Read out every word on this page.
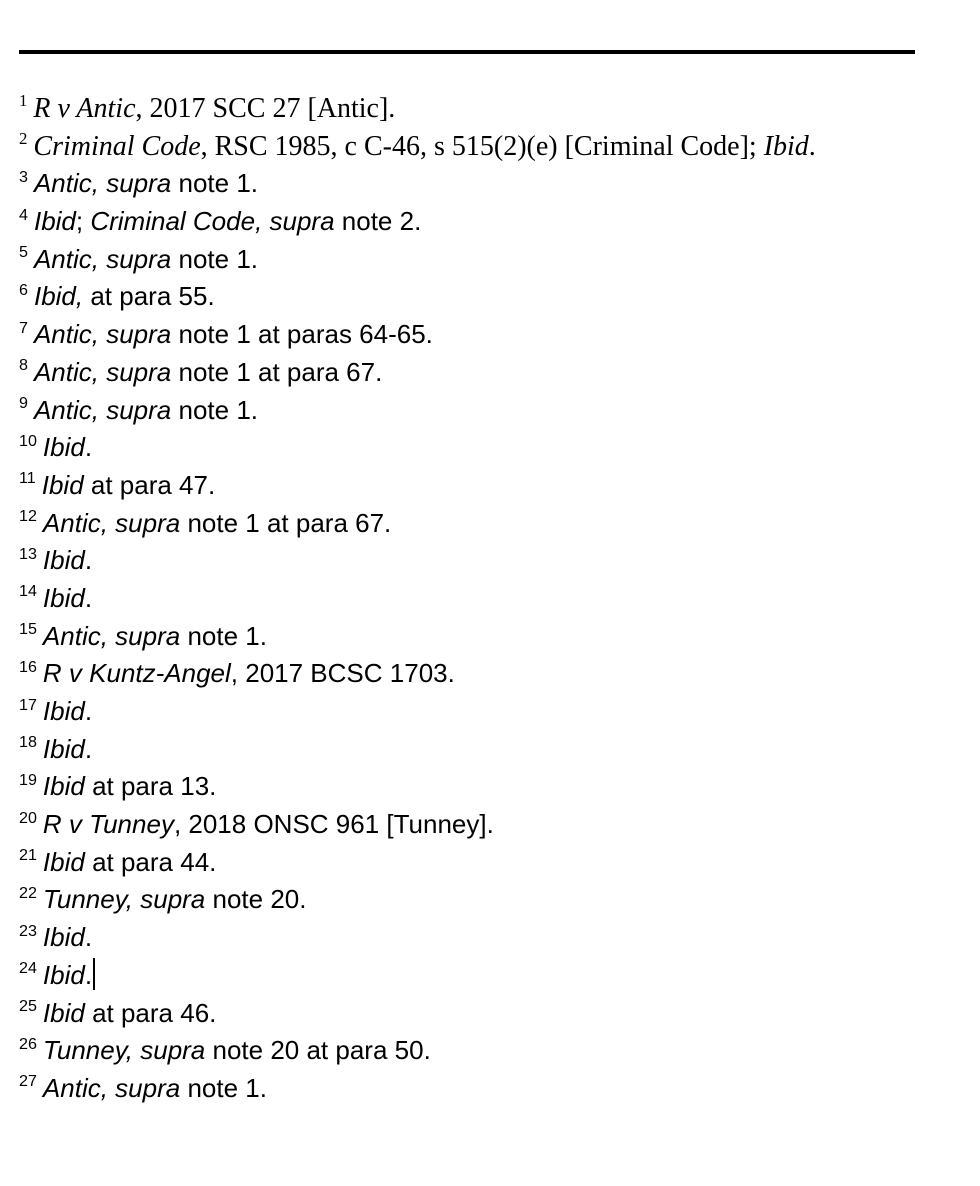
$^1$ R v Antic, 2017 SCC 27 [Antic].
$^2$ Criminal Code, RSC 1985, c C-46, s 515(2)(e) [Criminal Code]; Ibid.
$^3$ Antic, supra note 1.
$^4$ Ibid; Criminal Code, supra note 2.
$^5$ Antic, supra note 1.
$^6$ Ibid, at para 55.
$^7$ Antic, supra note 1 at paras 64-65.
$^8$ Antic, supra note 1 at para 67.
$^9$ Antic, supra note 1.
$^{10}$ Ibid.
$^{11}$ Ibid at para 47.
$^{12}$ Antic, supra note 1 at para 67.
$^{13}$ Ibid.
$^{14}$ Ibid.
$^{15}$ Antic, supra note 1.
$^{16}$ R v Kuntz-Angel, 2017 BCSC 1703.
$^{17}$ Ibid.
$^{18}$ Ibid.
$^{19}$ Ibid at para 13.
$^{20}$ R v Tunney, 2018 ONSC 961 [Tunney].
$^{21}$ Ibid at para 44.
$^{22}$ Tunney, supra note 20.
$^{23}$ Ibid.
$^{24}$ Ibid.
$^{25}$ Ibid at para 46.
$^{26}$ Tunney, supra note 20 at para 50.
$^{27}$ Antic, supra note 1.
